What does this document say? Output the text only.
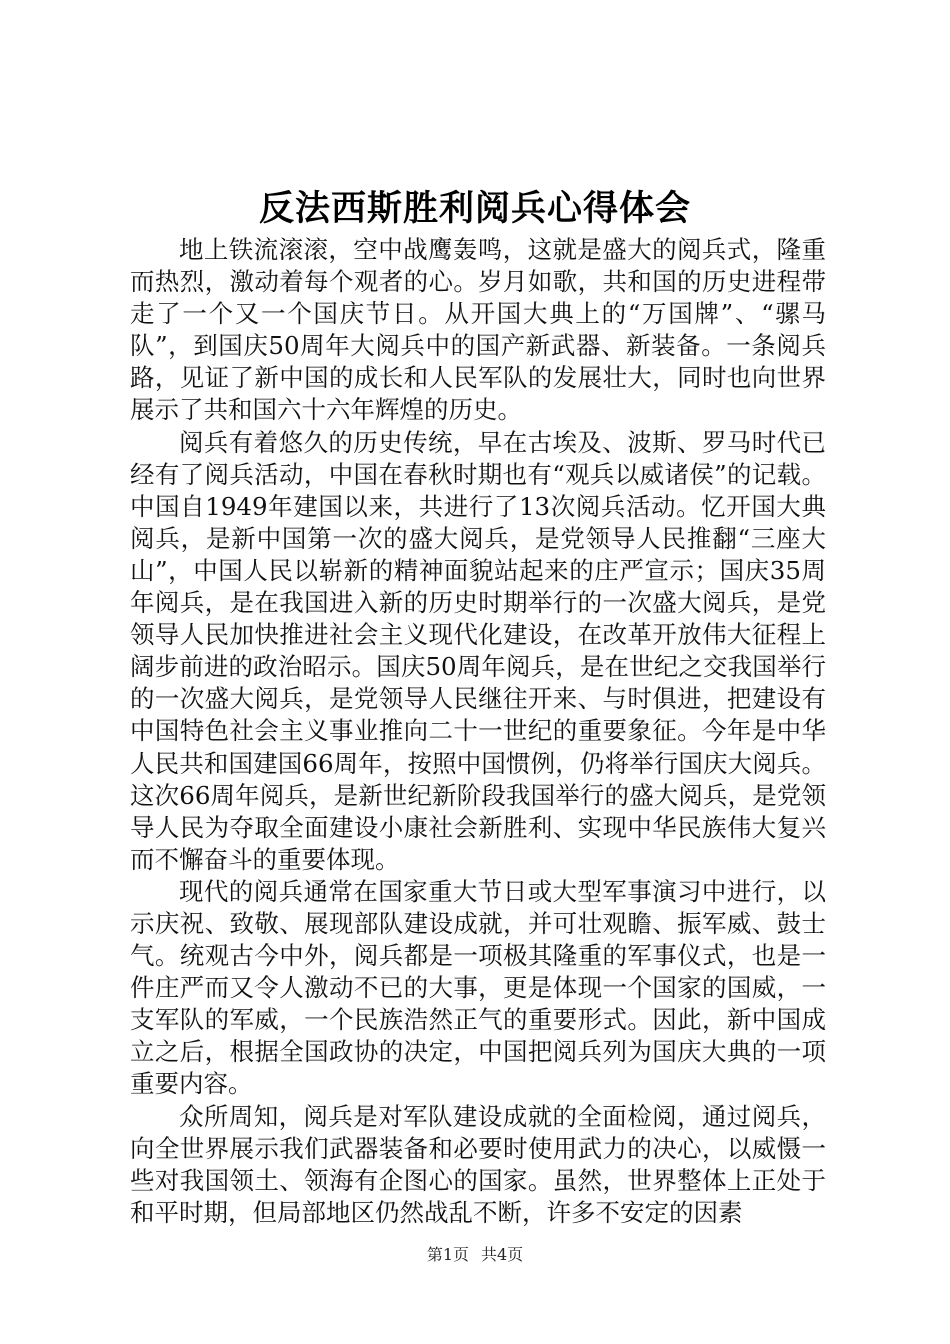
反法西斯胜利阅兵心得体会

地上铁流滚滚，空中战鹰轰鸣，这就是盛大的阅兵式，隆重而热烈，激动着每个观者的心。岁月如歌，共和国的历史进程带走了一个又一个国庆节日。从开国大典上的“万国牌”、“骡马队”，到国庆50周年大阅兵中的国产新武器、新装备。一条阅兵路，见证了新中国的成长和人民军队的发展壮大，同时也向世界展示了共和国六十六年辉煌的历史。

阅兵有着悠久的历史传统，早在古埃及、波斯、罗马时代已经有了阅兵活动，中国在春秋时期也有“观兵以威诸侯”的记载。中国自1949年建国以来，共进行了13次阅兵活动。忆开国大典阅兵，是新中国第一次的盛大阅兵，是党领导人民推翻“三座大山”，中国人民以崭新的精神面貌站起来的庄严宣示；国庆35周年阅兵，是在我国进入新的历史时期举行的一次盛大阅兵，是党领导人民加快推进社会主义现代化建设，在改革开放伟大征程上阔步前进的政治昭示。国庆50周年阅兵，是在世纪之交我国举行的一次盛大阅兵，是党领导人民继往开来、与时俱进，把建设有中国特色社会主义事业推向二十一世纪的重要象征。今年是中华人民共和国建国66周年，按照中国惯例，仍将举行国庆大阅兵。这次66周年阅兵，是新世纪新阶段我国举行的盛大阅兵，是党领导人民为夺取全面建设小康社会新胜利、实现中华民族伟大复兴而不懈奋斗的重要体现。

现代的阅兵通常在国家重大节日或大型军事演习中进行，以示庆祝、致敬、展现部队建设成就，并可壮观瞻、振军威、鼓士气。统观古今中外，阅兵都是一项极其隆重的军事仪式，也是一件庄严而又令人激动不已的大事，更是体现一个国家的国威，一支军队的军威，一个民族浩然正气的重要形式。因此，新中国成立之后，根据全国政协的决定，中国把阅兵列为国庆大典的一项重要内容。

众所周知，阅兵是对军队建设成就的全面检阅，通过阅兵，向全世界展示我们武器装备和必要时使用武力的决心，以威慑一些对我国领土、领海有企图心的国家。虽然，世界整体上正处于和平时期，但局部地区仍然战乱不断，许多不安定的因素

第1页 共4页
